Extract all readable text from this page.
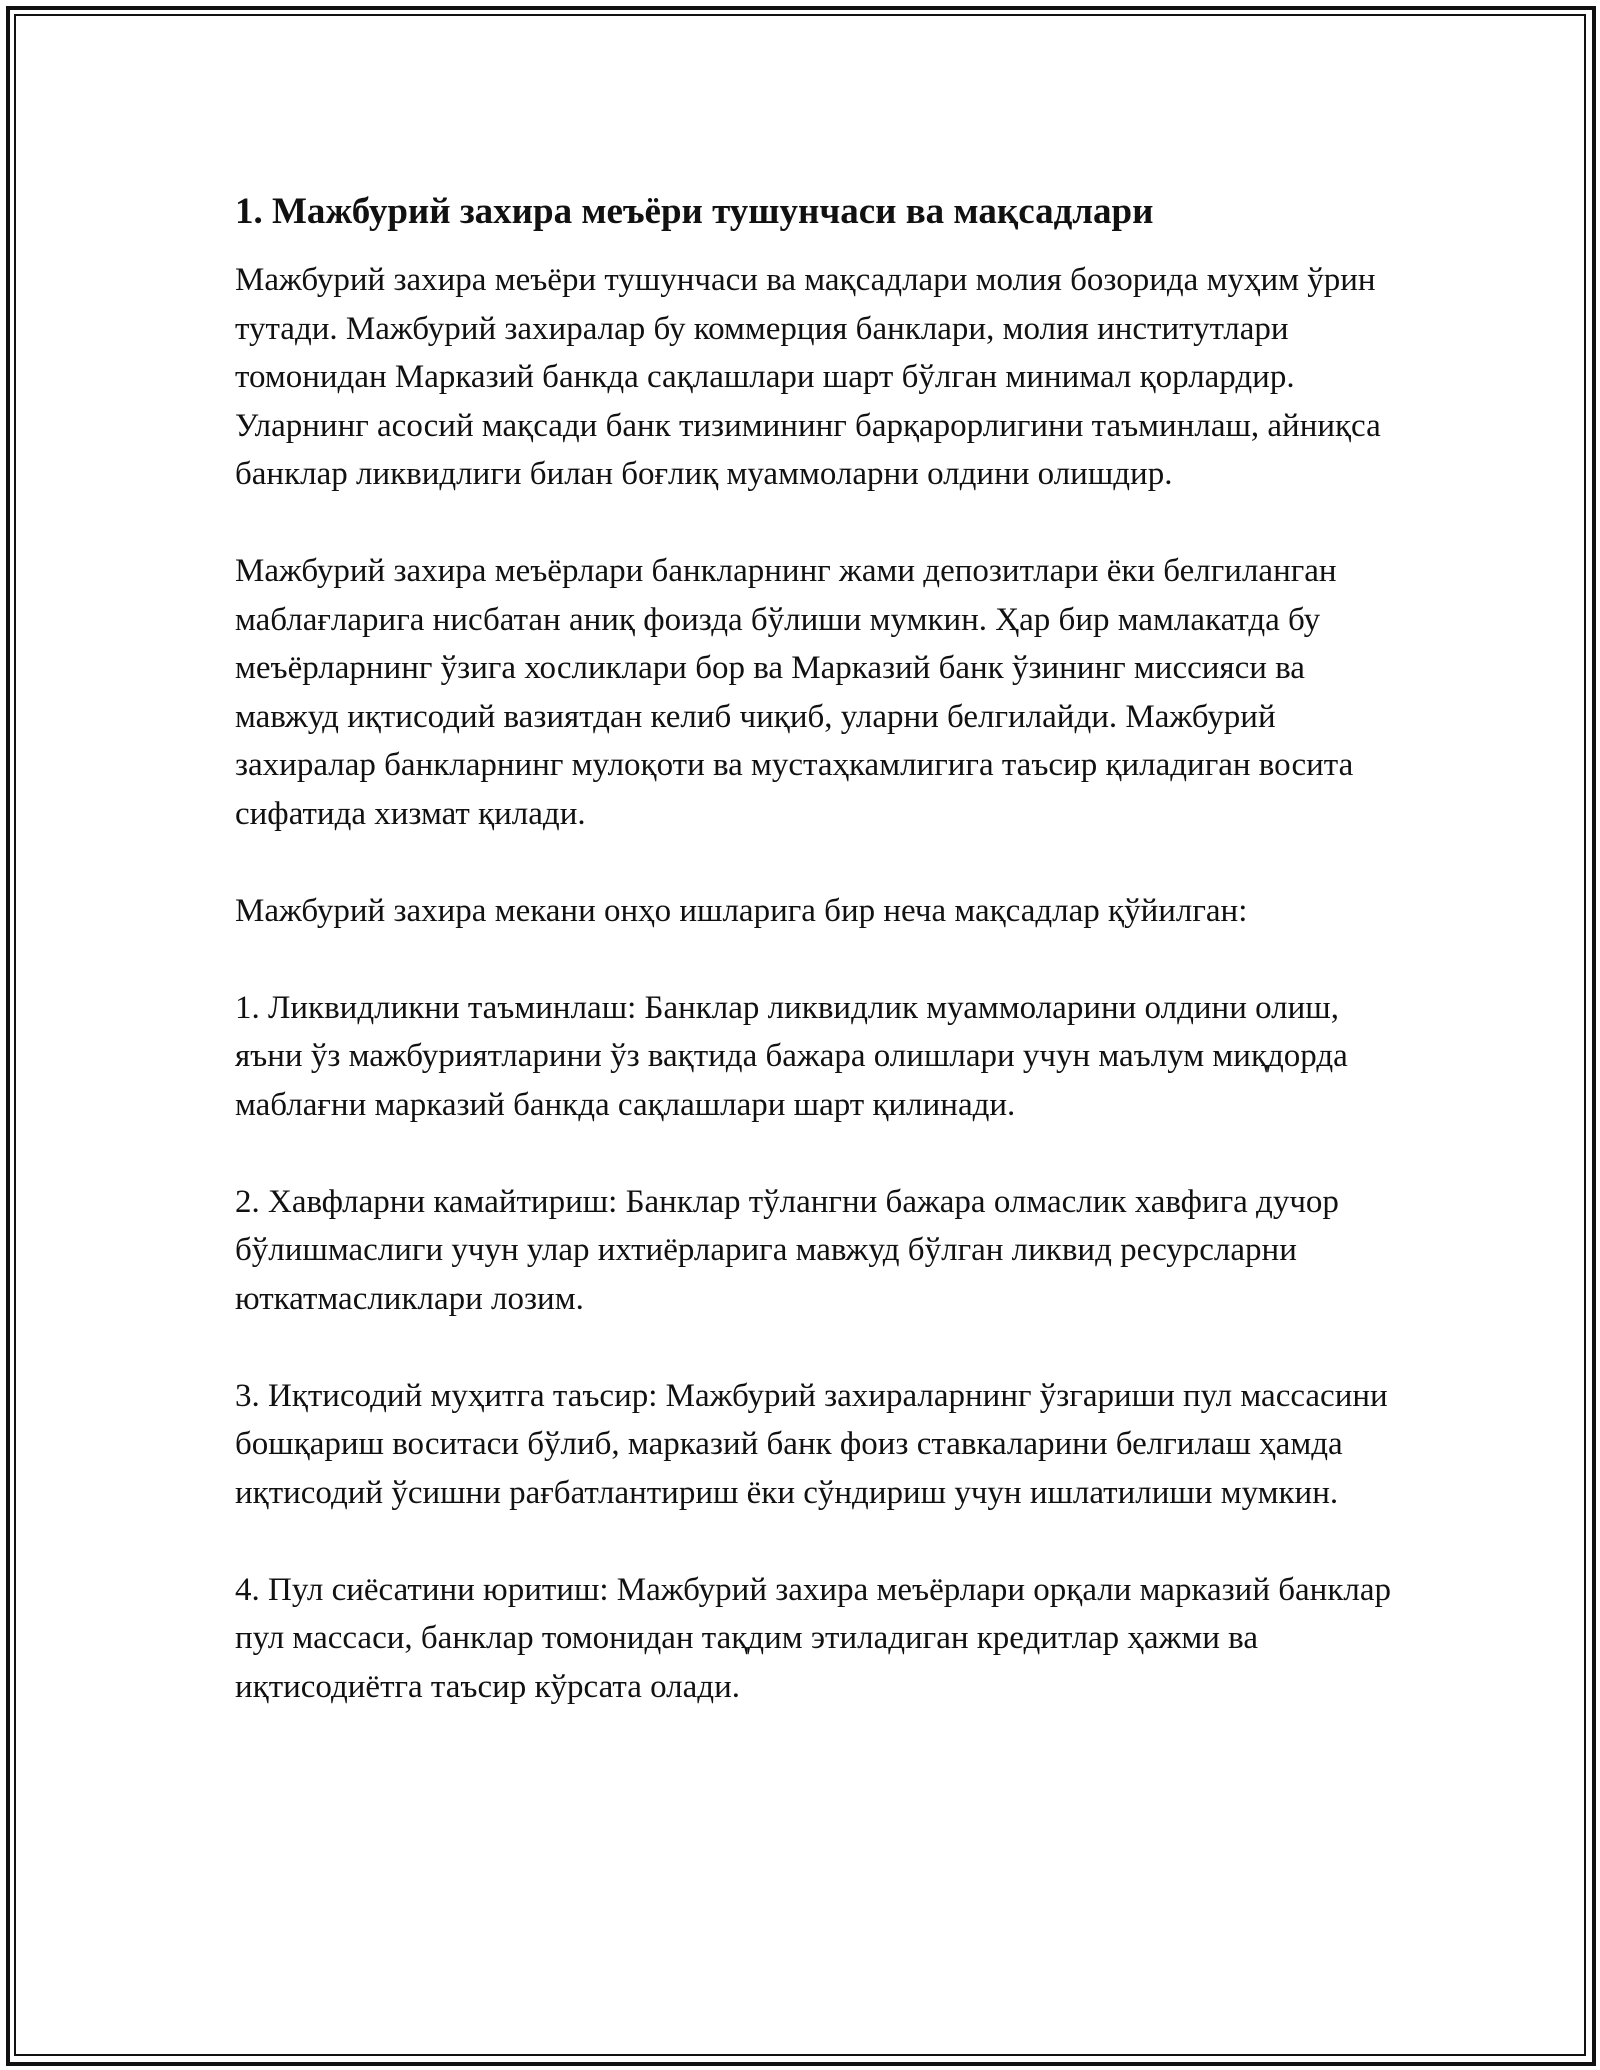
1. Мажбурий захира меъёри тушунчаси ва мақсадлари

Мажбурий захира меъёри тушунчаси ва мақсадлари молия бозорида муҳим ўрин тутади. Мажбурий захиралар бу коммерция банклари, молия институтлари томонидан Марказий банкда сақлашлари шарт бўлган минимал қорлардир. Уларнинг асосий мақсади банк тизимининг барқарорлигини таъминлаш, айниқса банклар ликвидлиги билан боғлиқ муаммоларни олдини олишдир.

Мажбурий захира меъёрлари банкларнинг жами депозитлари ёки белгиланган маблағларига нисбатан аниқ фоизда бўлиши мумкин. Ҳар бир мамлакатда бу меъёрларнинг ўзига хосликлари бор ва Марказий банк ўзининг миссияси ва мавжуд иқтисодий вазиятдан келиб чиқиб, уларни белгилайди. Мажбурий захиралар банкларнинг мулоқоти ва мустаҳкамлигига таъсир қиладиган восита сифатида хизмат қилади.

Мажбурий захира мекани онҳо ишларига бир неча мақсадлар қўйилган:

1. Ликвидликни таъминлаш: Банклар ликвидлик муаммоларини олдини олиш, яъни ўз мажбуриятларини ўз вақтида бажара олишлари учун маълум миқдорда маблағни марказий банкда сақлашлари шарт қилинади.

2. Хавфларни камайтириш: Банклар тўлангни бажара олмаслик хавфига дучор бўлишмаслиги учун улар ихтиёрларига мавжуд бўлган ликвид ресурсларни юткатмасликлари лозим.

3. Иқтисодий муҳитга таъсир: Мажбурий захираларнинг ўзгариши пул массасини бошқариш воситаси бўлиб, марказий банк фоиз ставкаларини белгилаш ҳамда иқтисодий ўсишни рағбатлантириш ёки сўндириш учун ишлатилиши мумкин.

4. Пул сиёсатини юритиш: Мажбурий захира меъёрлари орқали марказий банклар пул массаси, банклар томонидан тақдим этиладиган кредитлар ҳажми ва иқтисодиётга таъсир кўрсата олади.
